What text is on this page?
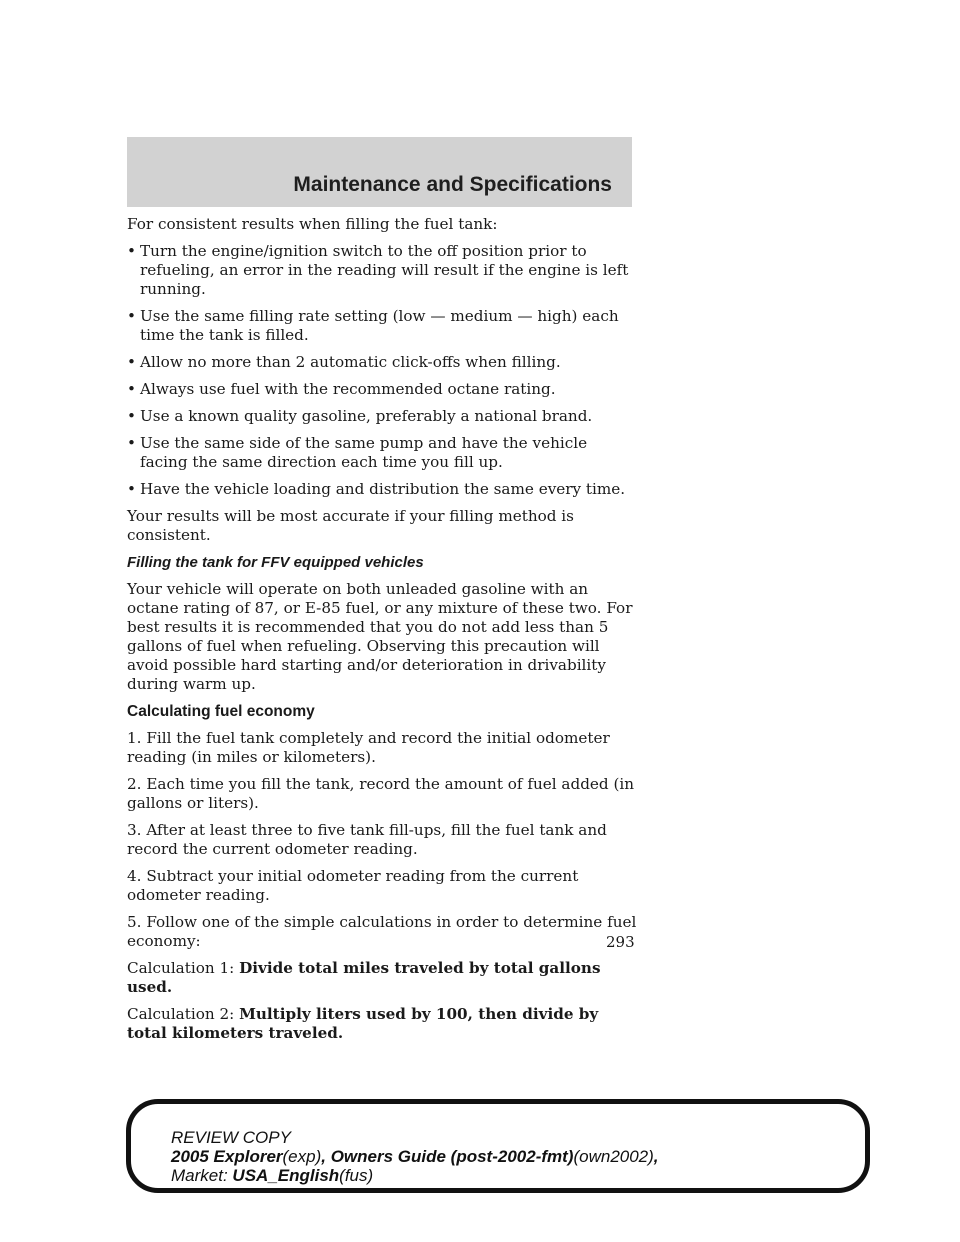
Maintenance and Specifications

For consistent results when filling the fuel tank:

• Turn the engine/ignition switch to the off position prior to refueling, an error in the reading will result if the engine is left running.
• Use the same filling rate setting (low — medium — high) each time the tank is filled.
• Allow no more than 2 automatic click-offs when filling.
• Always use fuel with the recommended octane rating.
• Use a known quality gasoline, preferably a national brand.
• Use the same side of the same pump and have the vehicle facing the same direction each time you fill up.
• Have the vehicle loading and distribution the same every time.

Your results will be most accurate if your filling method is consistent.

Filling the tank for FFV equipped vehicles

Your vehicle will operate on both unleaded gasoline with an octane rating of 87, or E-85 fuel, or any mixture of these two. For best results it is recommended that you do not add less than 5 gallons of fuel when refueling. Observing this precaution will avoid possible hard starting and/or deterioration in drivability during warm up.

Calculating fuel economy

1. Fill the fuel tank completely and record the initial odometer reading (in miles or kilometers).

2. Each time you fill the tank, record the amount of fuel added (in gallons or liters).

3. After at least three to five tank fill-ups, fill the fuel tank and record the current odometer reading.

4. Subtract your initial odometer reading from the current odometer reading.

5. Follow one of the simple calculations in order to determine fuel economy:

Calculation 1: Divide total miles traveled by total gallons used.

Calculation 2: Multiply liters used by 100, then divide by total kilometers traveled.

293
REVIEW COPY
2005 Explorer(exp), Owners Guide (post-2002-fmt)(own2002),
Market: USA_English(fus)
